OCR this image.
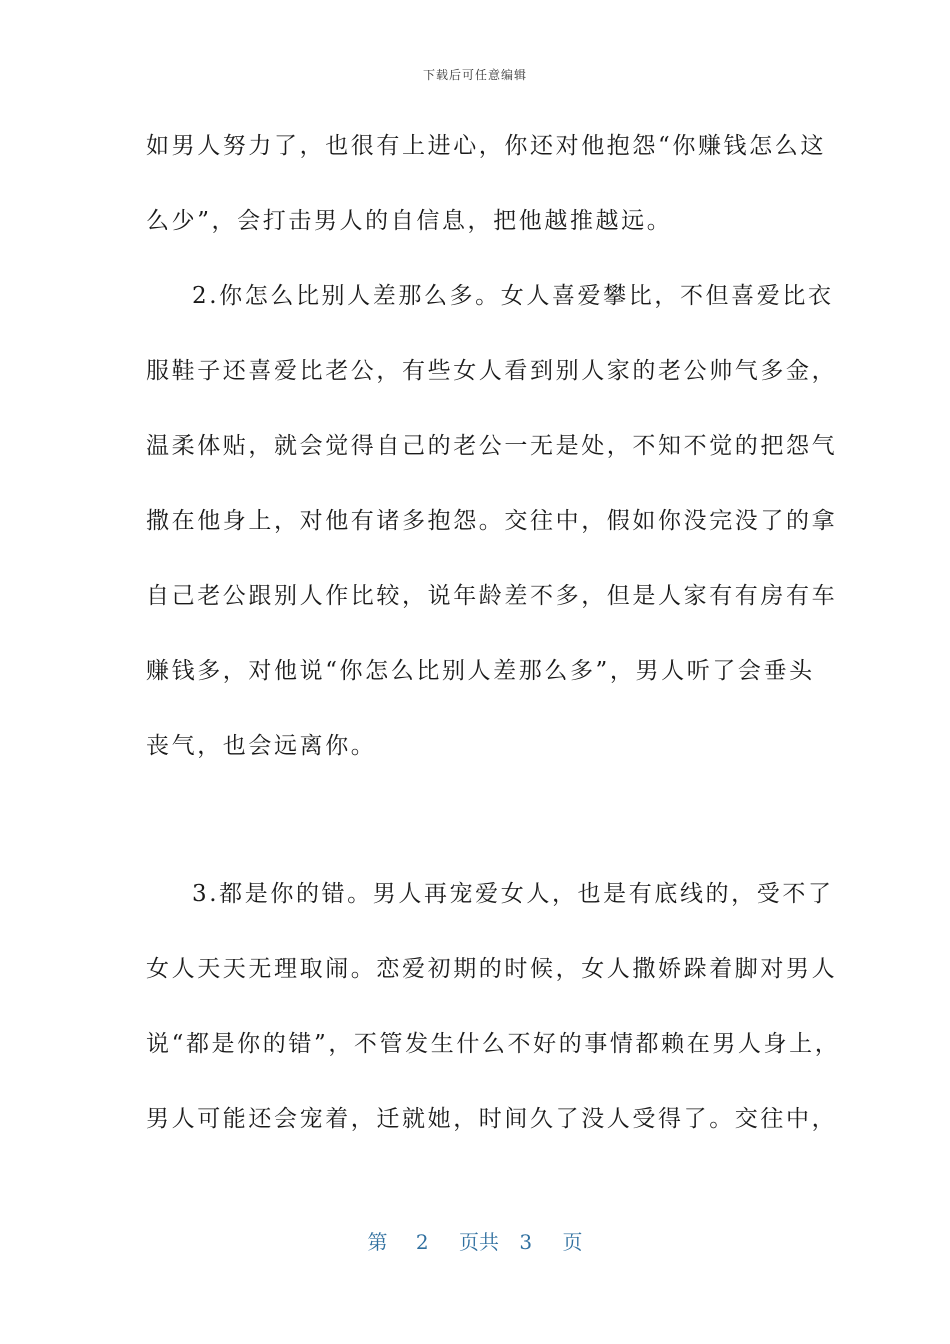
下载后可任意编辑
如男人努力了，也很有上进心，你还对他抱怨“你赚钱怎么这
么少”，会打击男人的自信息，把他越推越远。
2.你怎么比别人差那么多。女人喜爱攀比，不但喜爱比衣
服鞋子还喜爱比老公，有些女人看到别人家的老公帅气多金，
温柔体贴，就会觉得自己的老公一无是处，不知不觉的把怨气
撒在他身上，对他有诸多抱怨。交往中，假如你没完没了的拿
自己老公跟别人作比较，说年龄差不多，但是人家有有房有车
赚钱多，对他说“你怎么比别人差那么多”，男人听了会垂头
丧气，也会远离你。
3.都是你的错。男人再宠爱女人，也是有底线的，受不了
女人天天无理取闹。恋爱初期的时候，女人撒娇跺着脚对男人
说“都是你的错”，不管发生什么不好的事情都赖在男人身上，
男人可能还会宠着，迁就她，时间久了没人受得了。交往中，
第 2 页共 3 页
